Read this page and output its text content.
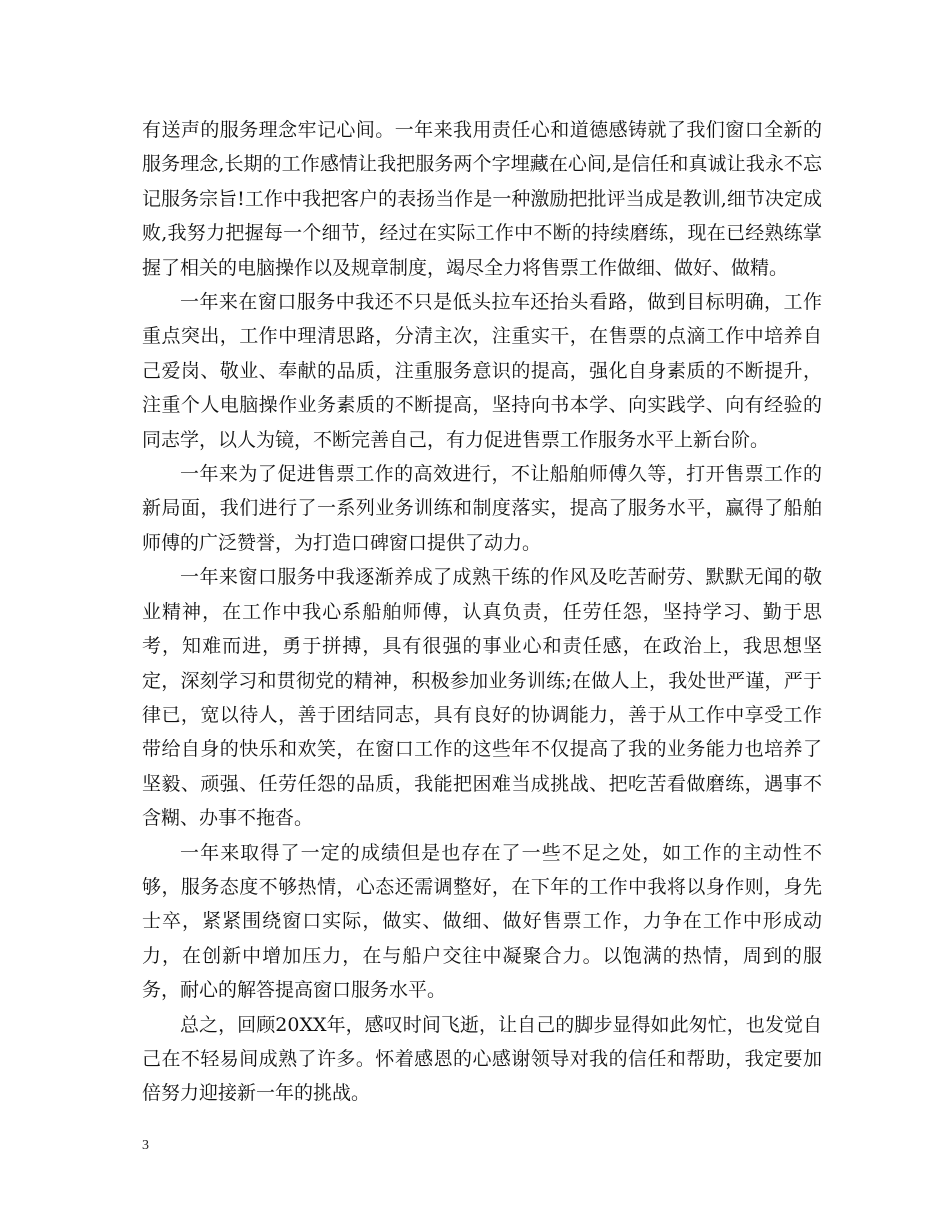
有送声的服务理念牢记心间。一年来我用责任心和道德感铸就了我们窗口全新的服务理念,长期的工作感情让我把服务两个字埋藏在心间,是信任和真诚让我永不忘记服务宗旨!工作中我把客户的表扬当作是一种激励把批评当成是教训,细节决定成败,我努力把握每一个细节，经过在实际工作中不断的持续磨练，现在已经熟练掌握了相关的电脑操作以及规章制度，竭尽全力将售票工作做细、做好、做精。

一年来在窗口服务中我还不只是低头拉车还抬头看路，做到目标明确，工作重点突出，工作中理清思路，分清主次，注重实干，在售票的点滴工作中培养自己爱岗、敬业、奉献的品质，注重服务意识的提高，强化自身素质的不断提升，注重个人电脑操作业务素质的不断提高，坚持向书本学、向实践学、向有经验的同志学，以人为镜，不断完善自己，有力促进售票工作服务水平上新台阶。

一年来为了促进售票工作的高效进行，不让船舶师傅久等，打开售票工作的新局面，我们进行了一系列业务训练和制度落实，提高了服务水平，赢得了船舶师傅的广泛赞誉，为打造口碑窗口提供了动力。

一年来窗口服务中我逐渐养成了成熟干练的作风及吃苦耐劳、默默无闻的敬业精神，在工作中我心系船舶师傅，认真负责，任劳任怨，坚持学习、勤于思考，知难而进，勇于拼搏，具有很强的事业心和责任感，在政治上，我思想坚定，深刻学习和贯彻党的精神，积极参加业务训练;在做人上，我处世严谨，严于律已，宽以待人，善于团结同志，具有良好的协调能力，善于从工作中享受工作带给自身的快乐和欢笑，在窗口工作的这些年不仅提高了我的业务能力也培养了坚毅、顽强、任劳任怨的品质，我能把困难当成挑战、把吃苦看做磨练，遇事不含糊、办事不拖沓。

一年来取得了一定的成绩但是也存在了一些不足之处，如工作的主动性不够，服务态度不够热情，心态还需调整好，在下年的工作中我将以身作则，身先士卒，紧紧围绕窗口实际，做实、做细、做好售票工作，力争在工作中形成动力，在创新中增加压力，在与船户交往中凝聚合力。以饱满的热情，周到的服务，耐心的解答提高窗口服务水平。

总之，回顾20XX年，感叹时间飞逝，让自己的脚步显得如此匆忙，也发觉自己在不轻易间成熟了许多。怀着感恩的心感谢领导对我的信任和帮助，我定要加倍努力迎接新一年的挑战。

3
